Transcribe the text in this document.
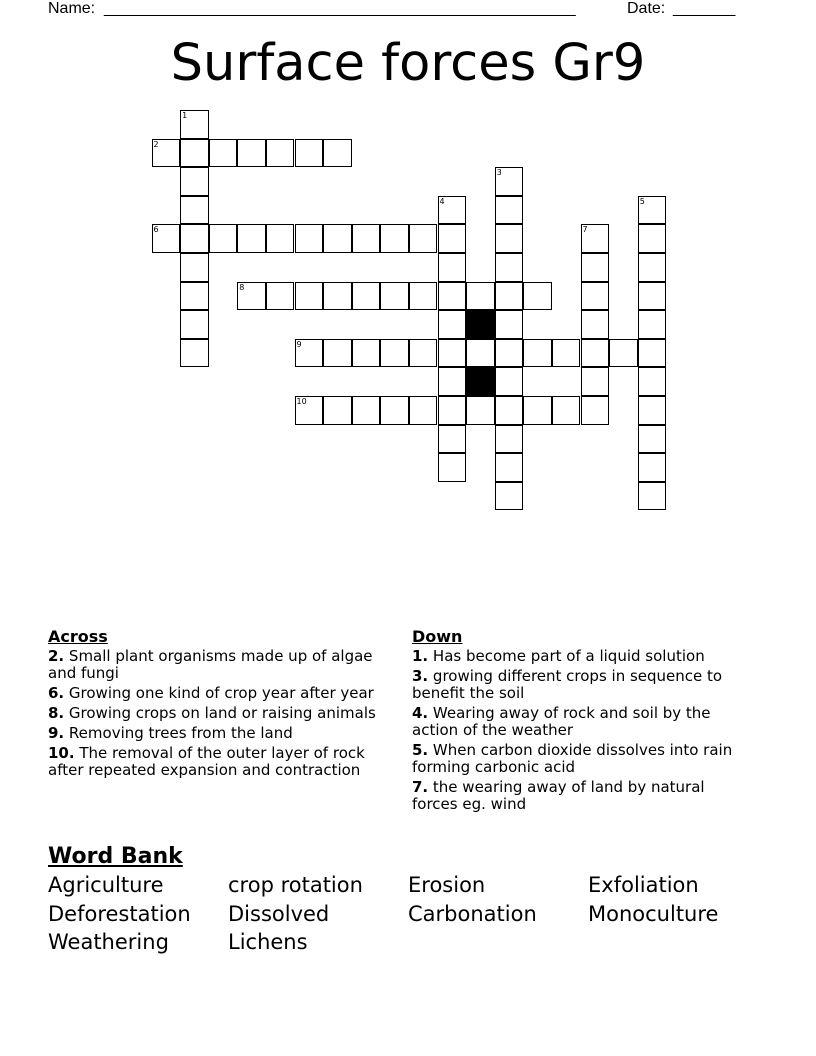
Name: _____________________________________________________	Date: _______
Surface forces Gr9
1
2
3
4	5
6	7
8
9
10
Across
2. Small plant organisms made up of algae and fungi
6. Growing one kind of crop year after year
8. Growing crops on land or raising animals
9. Removing trees from the land
10. The removal of the outer layer of rock after repeated expansion and contraction
Down
1. Has become part of a liquid solution
3. growing different crops in sequence to benefit the soil
4. Wearing away of rock and soil by the action of the weather
5. When carbon dioxide dissolves into rain forming carbonic acid
7. the wearing away of land by natural forces eg. wind
Word Bank
Agriculture	crop rotation	Erosion	Exfoliation
Deforestation	Dissolved	Carbonation	Monoculture
Weathering	Lichens
